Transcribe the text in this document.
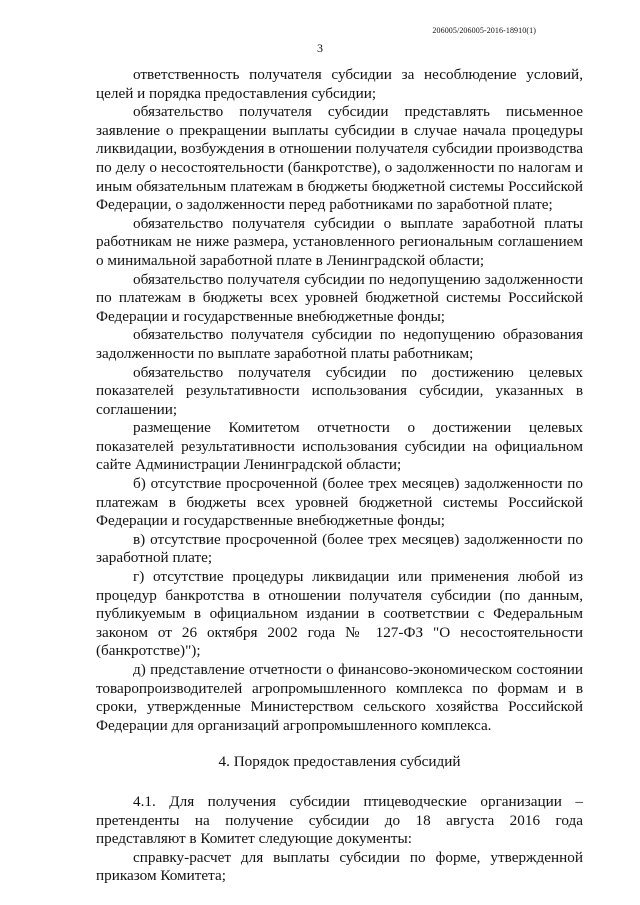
206005/206005-2016-18910(1)
3

ответственность получателя субсидии за несоблюдение условий, целей и порядка предоставления субсидии;

обязательство получателя субсидии представлять письменное заявление о прекращении выплаты субсидии в случае начала процедуры ликвидации, возбуждения в отношении получателя субсидии производства по делу о несостоятельности (банкротстве), о задолженности по налогам и иным обязательным платежам в бюджеты бюджетной системы Российской Федерации, о задолженности перед работниками по заработной плате;

обязательство получателя субсидии о выплате заработной платы работникам не ниже размера, установленного региональным соглашением о минимальной заработной плате в Ленинградской области;

обязательство получателя субсидии по недопущению задолженности по платежам в бюджеты всех уровней бюджетной системы Российской Федерации и государственные внебюджетные фонды;

обязательство получателя субсидии по недопущению образования задолженности по выплате заработной платы работникам;

обязательство получателя субсидии по достижению целевых показателей результативности использования субсидии, указанных в соглашении;

размещение Комитетом отчетности о достижении целевых показателей результативности использования субсидии на официальном сайте Администрации Ленинградской области;

б) отсутствие просроченной (более трех месяцев) задолженности по платежам в бюджеты всех уровней бюджетной системы Российской Федерации и государственные внебюджетные фонды;

в) отсутствие просроченной (более трех месяцев) задолженности по заработной плате;

г) отсутствие процедуры ликвидации или применения любой из процедур банкротства в отношении получателя субсидии (по данным, публикуемым в официальном издании в соответствии с Федеральным законом от 26 октября 2002 года № 127-ФЗ "О несостоятельности (банкротстве)");

д) представление отчетности о финансово-экономическом состоянии товаропроизводителей агропромышленного комплекса по формам и в сроки, утвержденные Министерством сельского хозяйства Российской Федерации для организаций агропромышленного комплекса.

4. Порядок предоставления субсидий

4.1. Для получения субсидии птицеводческие организации – претенденты на получение субсидии до 18 августа 2016 года представляют в Комитет следующие документы:

справку-расчет для выплаты субсидии по форме, утвержденной приказом Комитета;
